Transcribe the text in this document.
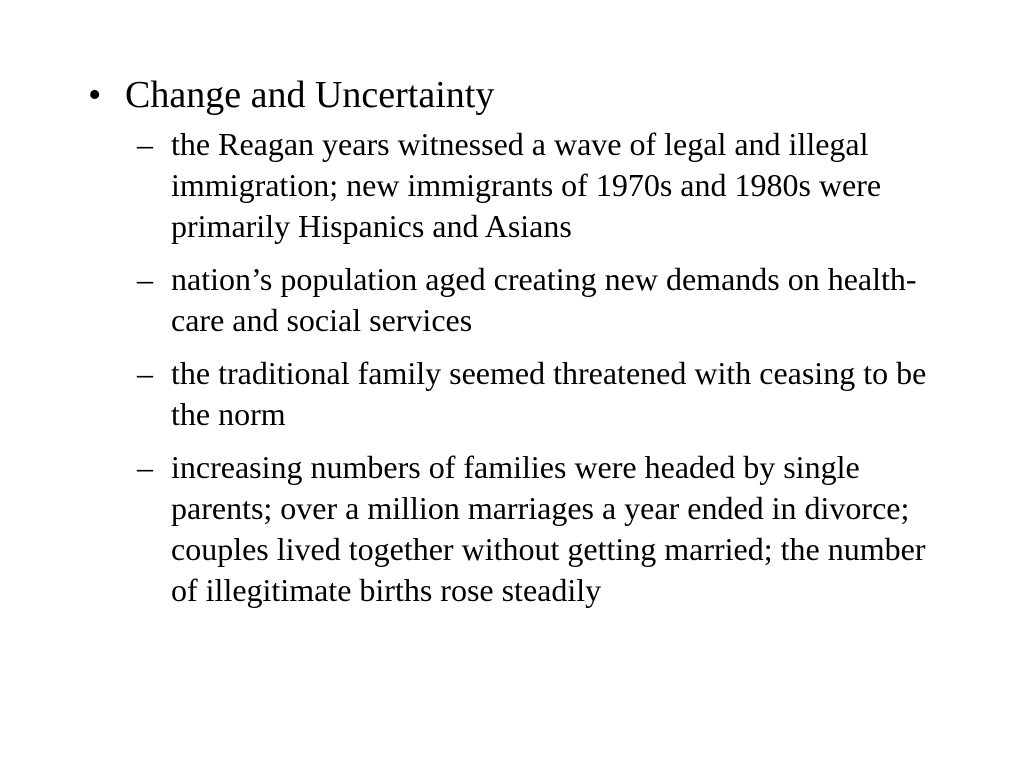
• Change and Uncertainty
– the Reagan years witnessed a wave of legal and illegal immigration; new immigrants of 1970s and 1980s were primarily Hispanics and Asians
– nation’s population aged creating new demands on health-care and social services
– the traditional family seemed threatened with ceasing to be the norm
– increasing numbers of families were headed by single parents; over a million marriages a year ended in divorce; couples lived together without getting married; the number of illegitimate births rose steadily
